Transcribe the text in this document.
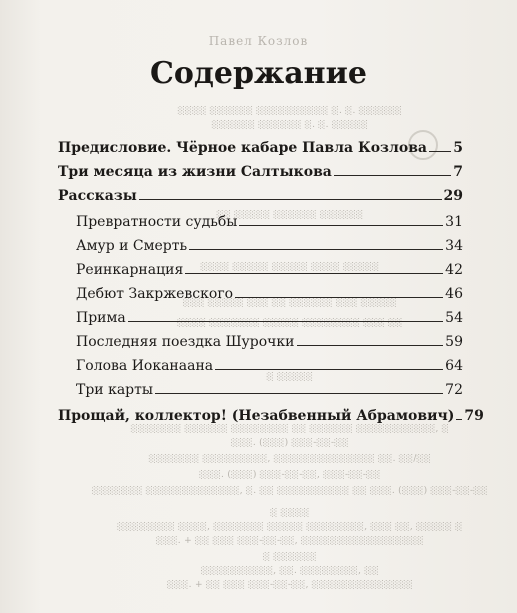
░░░░ ░░░░░░ ░░░░░░░░░░ ░. ░. ░░░░░░
░░░░░░ ░░░░░░ ░. ░. ░░░░░
░░ ░░░░░ ░░░░░░ ░░░░░░
░░░░ ░░░░░ ░░░░░ ░░░░ ░░░░░
░░░ ░░░░░ ░░░ ░░ ░░░░░░ ░░░ ░░░░░
░░░░ ░░░░░░░ ░░░░░ ░░░░░░░░ ░░░ ░░
░ ░░░░░
░░░░░░░ ░░░░░░ ░░░░░░░░ ░░ ░░░░░░ ░░░░░░░░░░░, ░
░░░. (░░░) ░░░-░░-░░
░░░░░░░ ░░░░░░░░░, ░░░░░░░░░░░░░░ ░░. ░░/░░
░░░. (░░░) ░░░-░░-░░, ░░░-░░-░░
░░░░░░░ ░░░░░░░░░░░░░, ░. ░░ ░░░░░░░░░░ ░░ ░░░. (░░░) ░░░-░░-░░
░ ░░░░
░░░░░░░░ ░░░░, ░░░░░░░ ░░░░░ ░░░░░░░░, ░░░ ░░, ░░░░░ ░
░░░. + ░░ ░░░ ░░░-░░-░░, ░░░░░░░░░░░░░░░░░
░ ░░░░░░
░░░░░░░░░░, ░░. ░░░░░░░░, ░░
░░░. + ░░ ░░░ ░░░-░░-░░, ░░░░░░░░░░░░░░
Павел Козлов
Содержание
Предисловие. Чёрное кабаре Павла Козлова 5
Три месяца из жизни Салтыкова	7
Рассказы	29
Превратности судьбы	31
Амур и Смерть	34
Реинкарнация	42
Дебют Закржевского	46
Прима	54
Последняя поездка Шурочки	59
Голова Иоканаана	64
Три карты	72
Прощай, коллектор! (Незабвенный Абрамович) 79
